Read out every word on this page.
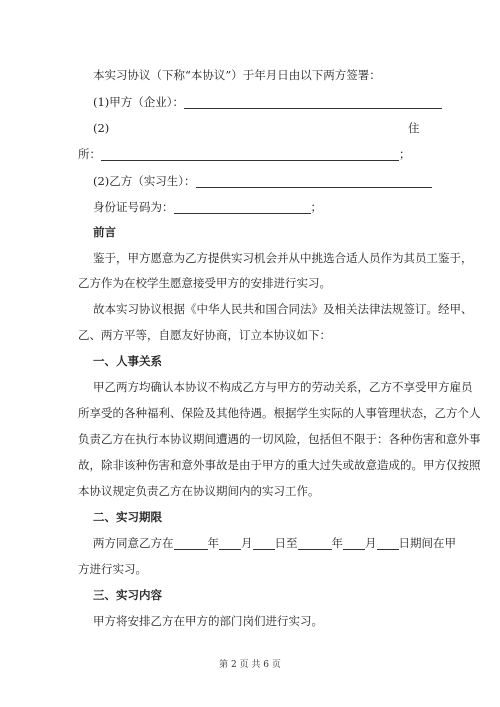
本实习协议（下称“本协议”）于年月日由以下两方签署：
(1)甲方（企业）：
(2)	住
所：	；
(2)乙方（实习生）：
身份证号码为：	；
前言
鉴于，甲方愿意为乙方提供实习机会并从中挑选合适人员作为其员工鉴于，
乙方作为在校学生愿意接受甲方的安排进行实习。
故本实习协议根据《中华人民共和国合同法》及相关法律法规签订。经甲、
乙、两方平等，自愿友好协商，订立本协议如下：
一、人事关系
甲乙两方均确认本协议不构成乙方与甲方的劳动关系，乙方不享受甲方雇员
所享受的各种福利、保险及其他待遇。根据学生实际的人事管理状态，乙方个人
负责乙方在执行本协议期间遭遇的一切风险，包括但不限于：各种伤害和意外事
故，除非该种伤害和意外事故是由于甲方的重大过失或故意造成的。甲方仅按照
本协议规定负责乙方在协议期间内的实习工作。
二、实习期限
两方同意乙方在	年 月 日至	年 月 日期间在甲
方进行实习。
三、实习内容
甲方将安排乙方在甲方的部门岗们进行实习。
第 2 页 共 6 页
